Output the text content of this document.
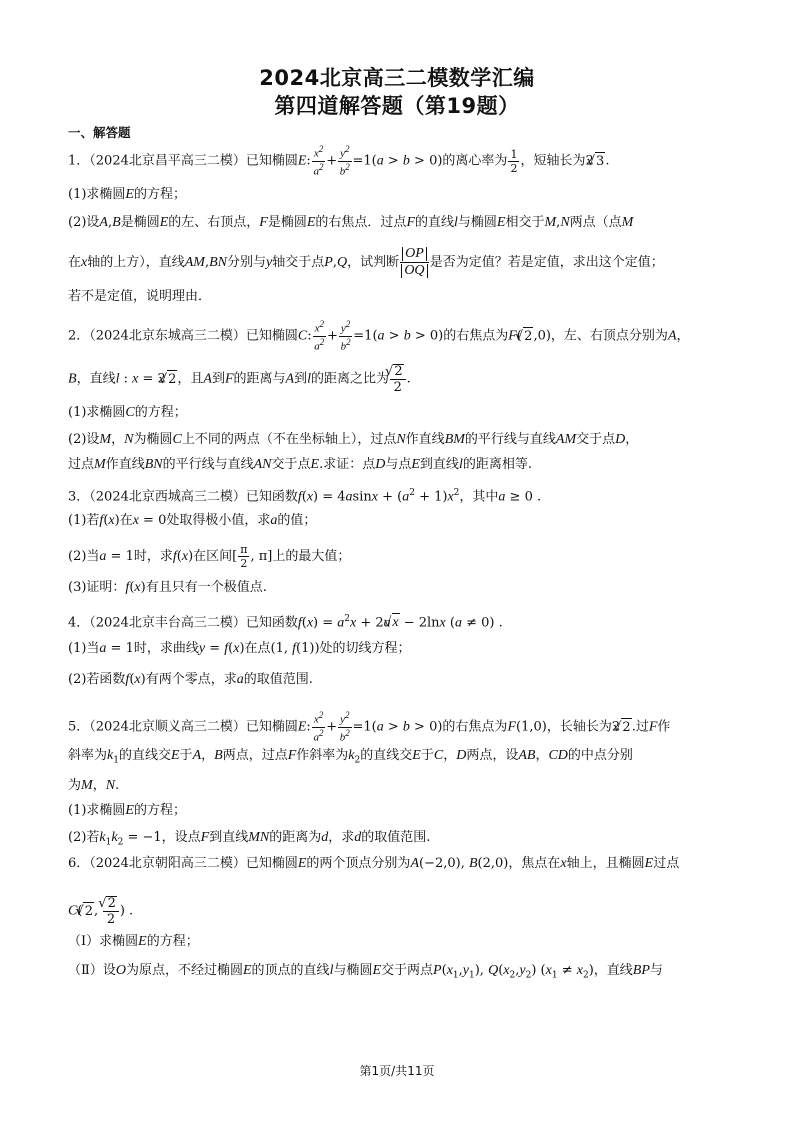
2024北京高三二模数学汇编
第四道解答题（第19题）
一、解答题
1．（2024北京昌平高三二模）已知椭圆E: $\frac{x^2}{a^2} + \frac{y^2}{b^2} =1(a > b > 0)$的离心率为 $\frac{1}{2}$ ，短轴长为2√ 3.
(1)求椭圆E的方程；
(2)设A,B是椭圆E的左、右顶点，F是椭圆E的右焦点．过点F的直线l与椭圆E相交于M,N两点（点M
在x轴的上方），直线AM,BN分别与y轴交于点P,Q，试判断 $\frac{OP}{OQ}$ 是否为定值？若是定值，求出这个定值；
若不是定值，说明理由．
2．（2024北京东城高三二模）已知椭圆C: $\frac{x^2}{a^2} + \frac{y^2}{b^2} =1(a > b > 0)$的右焦点为F(√ 2,0)，左、右顶点分别为A，
B，直线l : x = 2√ 2，且A到F的距离与A到l的距离之比为
√ $\frac{2}{2}$ .
(1)求椭圆C的方程；
(2)设M，N为椭圆C上不同的两点（不在坐标轴上），过点N作直线BM的平行线与直线AM交于点D，
过点M作直线BN的平行线与直线AN交于点E.求证：点D与点E到直线l的距离相等.
3．（2024北京西城高三二模）已知函数$f(x) = 4asinx + (a^2 + 1)x^2$，其中a ≥ 0 .
(1)若f(x)在x = 0处取得极小值，求a的值；
(2)当a = 1时，求f(x)在区间[ $\frac{\pi}{2}$ , π]上的最大值；
(3)证明：f(x)有且只有一个极值点.
4．（2024北京丰台高三二模）已知函数$f(x) = a^2x + 2a√$ x − 2lnx (a ≠ 0) .
(1)当a = 1时，求曲线y = f(x)在点(1, f(1))处的切线方程；
(2)若函数f(x)有两个零点，求a的取值范围.
5．（2024北京顺义高三二模）已知椭圆E: $\frac{x^2}{a^2} + \frac{y^2}{b^2} =1(a > b > 0)$的右焦点为F(1,0)，长轴长为2√ 2.过F作
斜率为$k_1$的直线交E于A，B两点，过点F作斜率为$k_2$的直线交E于C，D两点，设AB，CD的中点分别
为M，N.
(1)求椭圆E的方程；
(2)若$k_1k_2 = -1$，设点F到直线MN的距离为d，求d的取值范围.
6．（2024北京朝阳高三二模）已知椭圆E的两个顶点分别为A(−2,0), B(2,0)，焦点在x轴上，且椭圆E过点
C(√ 2,
√ $\frac{2}{2}$ ) .
（Ⅰ）求椭圆E的方程；
（Ⅱ）设O为原点，不经过椭圆E的顶点的直线l与椭圆E交于两点$P(x_1,y_1)$, $Q(x_2,y_2) (x_1 \ne x_2)$，直线BP与
第1页/共11页
